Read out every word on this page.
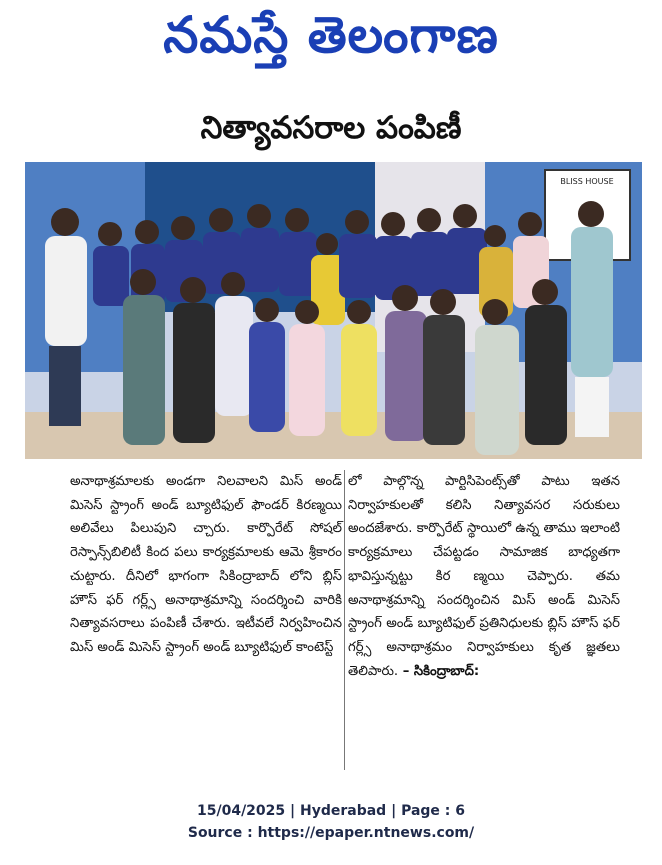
నమస్తే తెలంగాణ
నిత్యావసరాల పంపిణీ
BLISS HOUSE

అనాథాశ్రమాలకు అండగా నిలవాలని మిస్ అండ్ మిసెస్ స్ట్రాంగ్ అండ్ బ్యూటిఫుల్ ఫౌండర్ కిరణ్మయి అలివేలు పిలుపుని చ్చారు. కార్పొరేట్ సోషల్ రెస్పాన్స్‌బిలిటీ కింద పలు కార్యక్రమాలకు ఆమె శ్రీకారం చుట్టారు. దీనిలో భాగంగా సికింద్రాబాద్ లోని బ్లిస్ హౌస్ ఫర్ గర్ల్స్ అనాథాశ్రమాన్ని సందర్శించి వారికి నిత్యావసరాలు పంపిణీ చేశారు. ఇటీవలే నిర్వహించిన మిస్ అండ్ మిసెస్ స్ట్రాంగ్ అండ్ బ్యూటిఫుల్ కాంటెస్ట్

లో పాల్గొన్న పార్టిసిపెంట్స్‌తో పాటు ఇతన నిర్వాహకులతో కలిసి నిత్యావసర సరుకులు అందజేశారు. కార్పొరేట్ స్థాయిలో ఉన్న తాము ఇలాంటి కార్యక్రమాలు చేపట్టడం సామాజిక బాధ్యతగా భావిస్తున్నట్టు కిర ణ్మయి చెప్పారు. తమ అనాథాశ్రమాన్ని సందర్శించిన మిస్ అండ్ మిసెస్ స్ట్రాంగ్ అండ్ బ్యూటిఫుల్ ప్రతినిధులకు బ్లిస్ హౌస్ ఫర్ గర్ల్స్ అనాథాశ్రమం నిర్వాహకులు కృత జ్ఞతలు తెలిపారు. – సికింద్రాబాద్:

15/04/2025 | Hyderabad | Page : 6
Source : https://epaper.ntnews.com/
